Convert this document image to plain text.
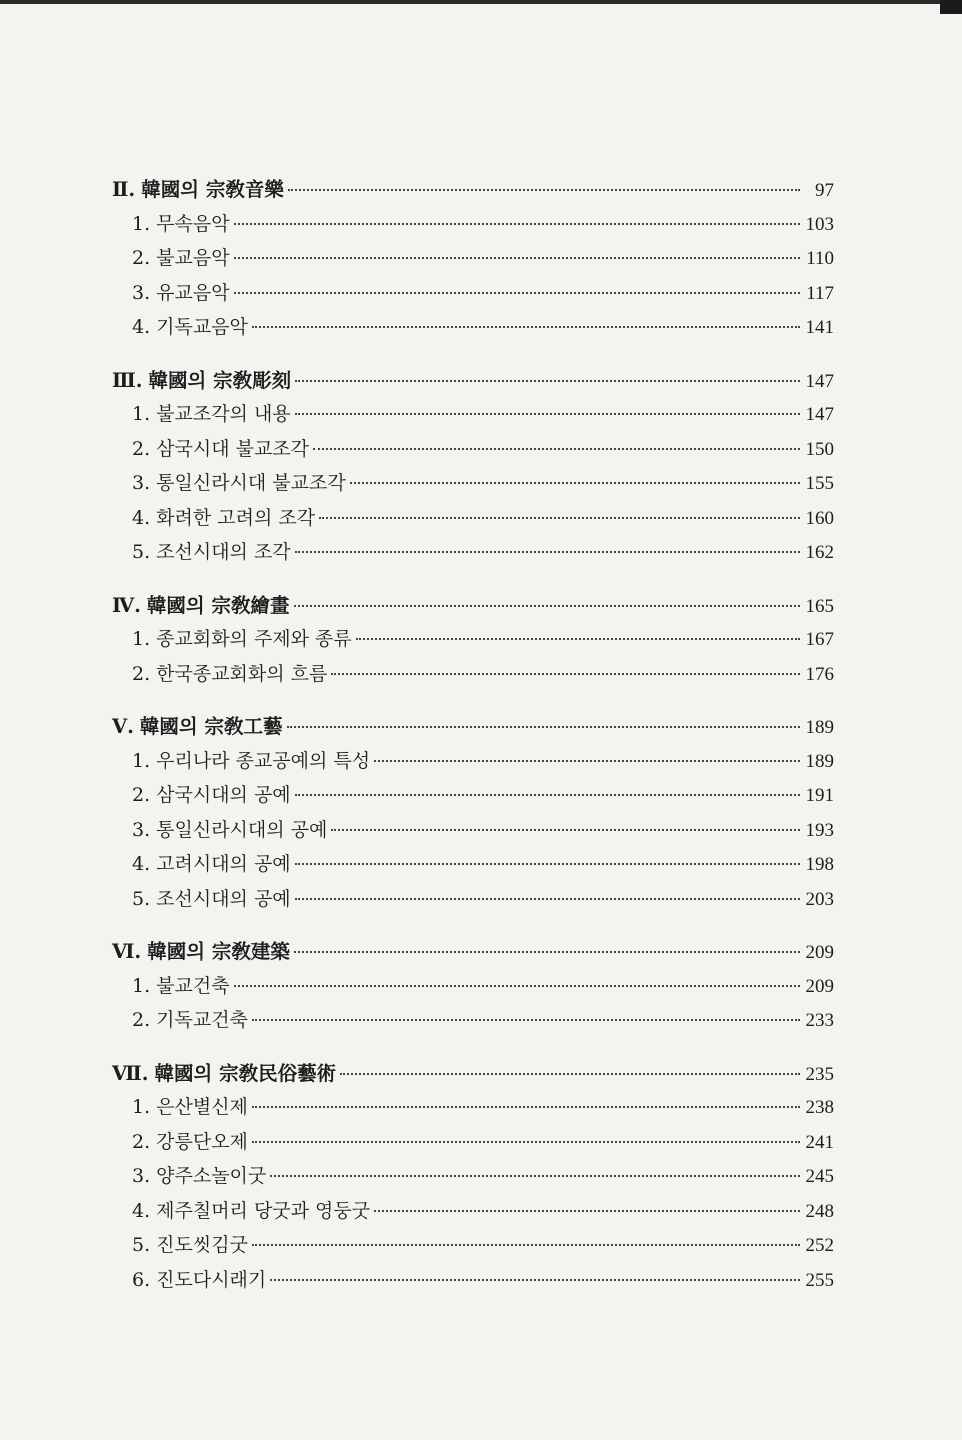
Ⅱ. 韓國의 宗敎音樂	97
1. 무속음악	103
2. 불교음악	110
3. 유교음악	117
4. 기독교음악	141
Ⅲ. 韓國의 宗敎彫刻	147
1. 불교조각의 내용	147
2. 삼국시대 불교조각	150
3. 통일신라시대 불교조각	155
4. 화려한 고려의 조각	160
5. 조선시대의 조각	162
Ⅳ. 韓國의 宗敎繪畫	165
1. 종교회화의 주제와 종류	167
2. 한국종교회화의 흐름	176
Ⅴ. 韓國의 宗敎工藝	189
1. 우리나라 종교공예의 특성	189
2. 삼국시대의 공예	191
3. 통일신라시대의 공예	193
4. 고려시대의 공예	198
5. 조선시대의 공예	203
Ⅵ. 韓國의 宗敎建築	209
1. 불교건축	209
2. 기독교건축	233
Ⅶ. 韓國의 宗敎民俗藝術	235
1. 은산별신제	238
2. 강릉단오제	241
3. 양주소놀이굿	245
4. 제주칠머리 당굿과 영둥굿	248
5. 진도씻김굿	252
6. 진도다시래기	255
